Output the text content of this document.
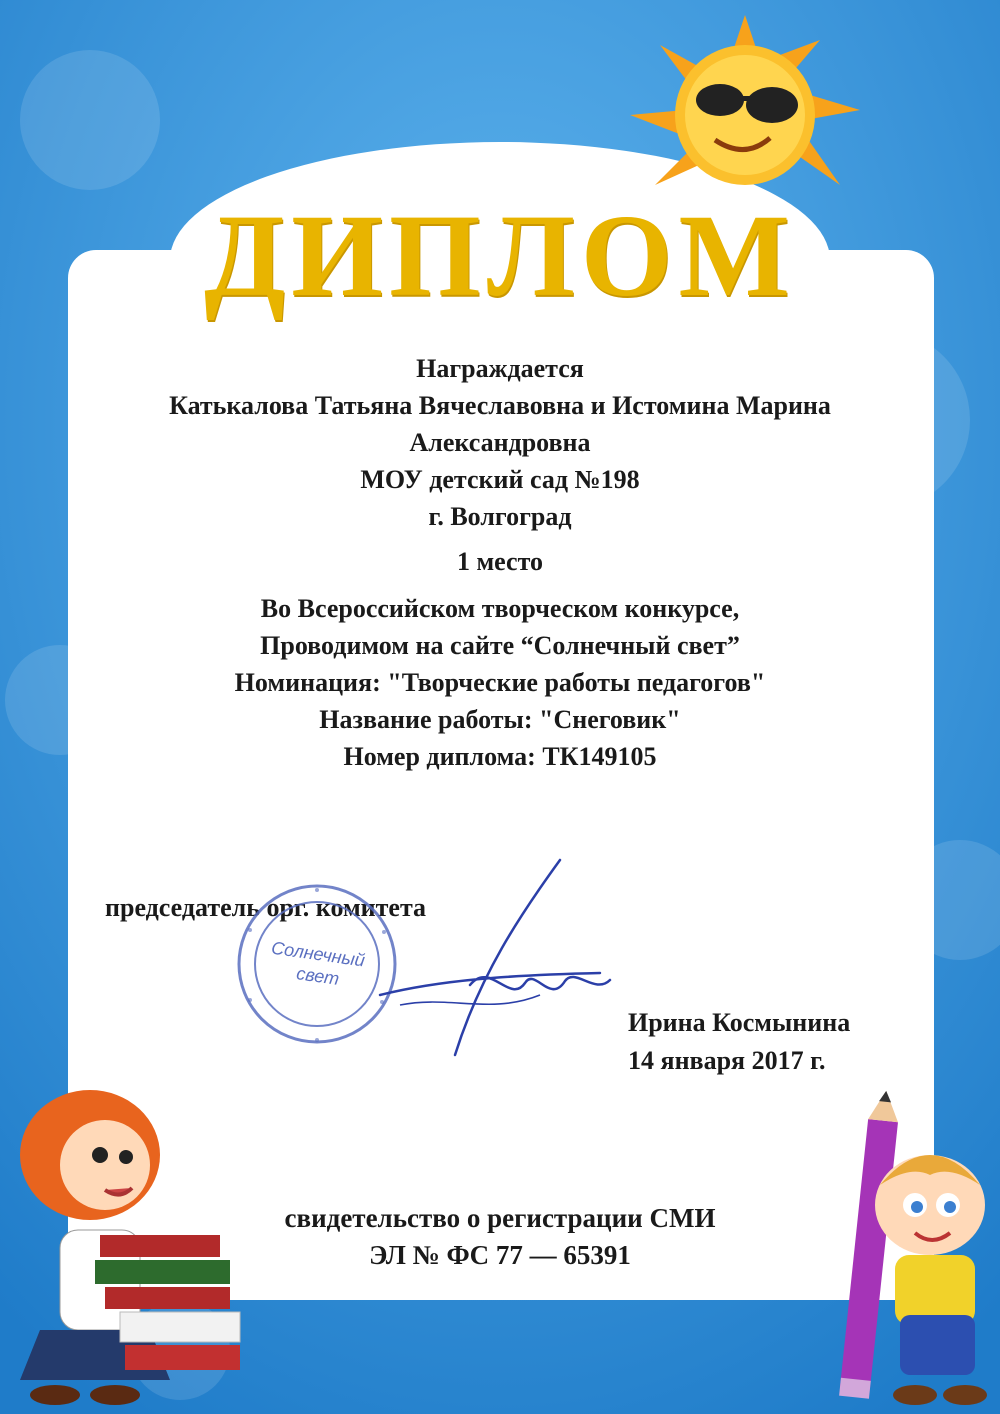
ДИПЛОМ
Награждается
Катькалова Татьяна Вячеславовна и Истомина Марина
Александровна
МОУ детский сад №198
г. Волгоград
1 место
Во Всероссийском творческом конкурсе,
Проводимом на сайте “Солнечный свет”
Номинация: "Творческие работы педагогов"
Название работы: "Снеговик"
Номер диплома: ТК149105
председатель орг. комитета
Солнечный
свет
Ирина Космынина
14 января 2017 г.
свидетельство о регистрации СМИ
ЭЛ № ФС 77 — 65391
